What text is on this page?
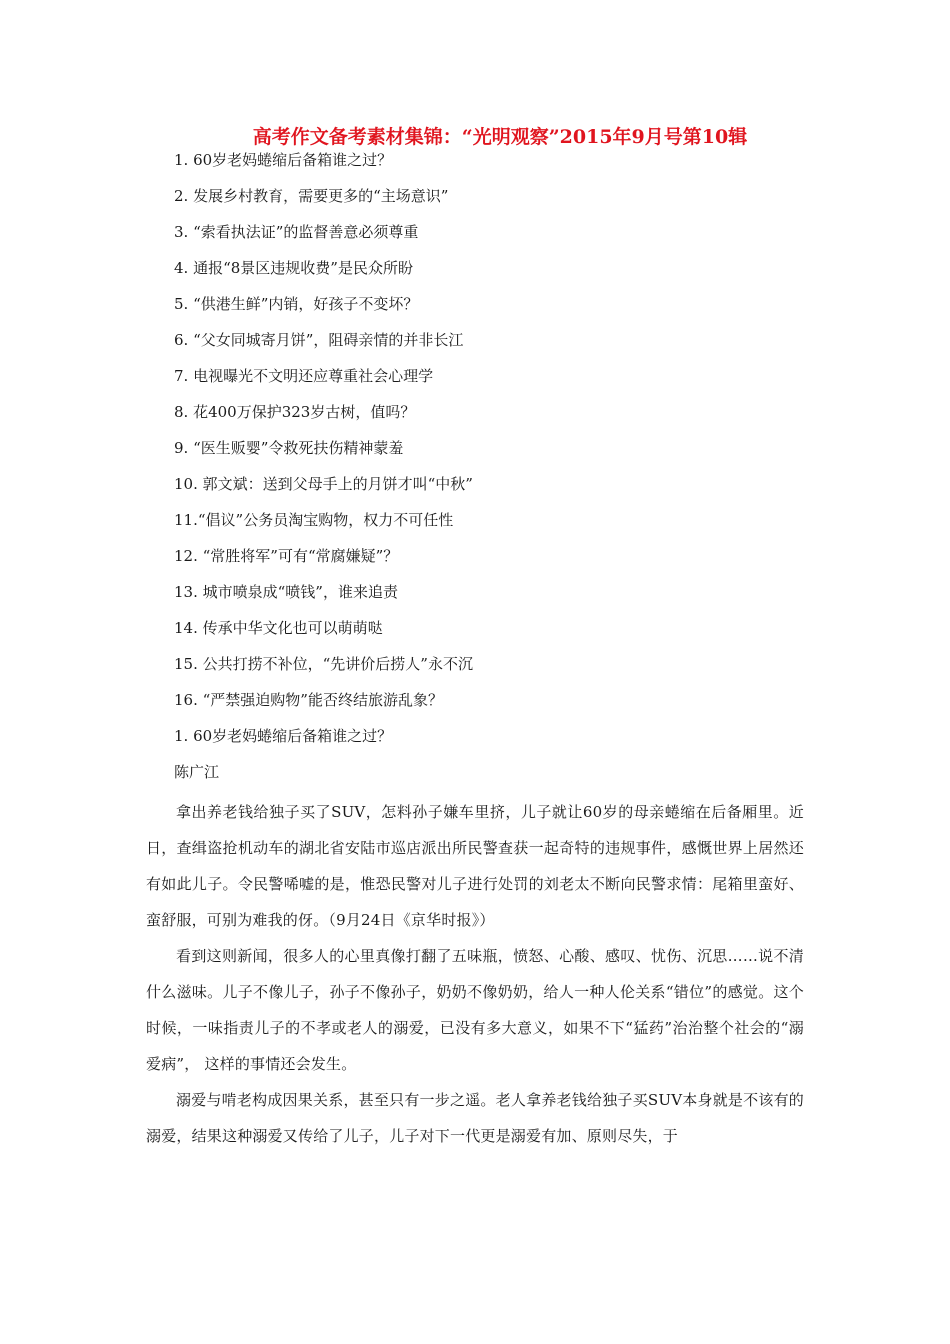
高考作文备考素材集锦：“光明观察”2015年9月号第10辑
1. 60岁老妈蜷缩后备箱谁之过？
2. 发展乡村教育，需要更多的“主场意识”
3. “索看执法证”的监督善意必须尊重
4. 通报“8景区违规收费”是民众所盼
5. “供港生鲜”内销，好孩子不变坏？
6. “父女同城寄月饼”，阻碍亲情的并非长江
7. 电视曝光不文明还应尊重社会心理学
8. 花400万保护323岁古树，值吗？
9. “医生贩婴”令救死扶伤精神蒙羞
10. 郭文斌：送到父母手上的月饼才叫“中秋”
11.“倡议”公务员淘宝购物，权力不可任性
12. “常胜将军”可有“常腐嫌疑”？
13. 城市喷泉成“喷钱”，谁来追责
14. 传承中华文化也可以萌萌哒
15. 公共打捞不补位，“先讲价后捞人”永不沉
16. “严禁强迫购物”能否终结旅游乱象？
1. 60岁老妈蜷缩后备箱谁之过？
陈广江

拿出养老钱给独子买了SUV，怎料孙子嫌车里挤，儿子就让60岁的母亲蜷缩在后备厢里。近日，查缉盗抢机动车的湖北省安陆市巡店派出所民警查获一起奇特的违规事件，感慨世界上居然还有如此儿子。令民警唏嘘的是，惟恐民警对儿子进行处罚的刘老太不断向民警求情：尾箱里蛮好、蛮舒服，可别为难我的伢。（9月24日《京华时报》）

看到这则新闻，很多人的心里真像打翻了五味瓶，愤怒、心酸、感叹、忧伤、沉思……说不清什么滋味。儿子不像儿子，孙子不像孙子，奶奶不像奶奶，给人一种人伦关系“错位”的感觉。这个时候，一味指责儿子的不孝或老人的溺爱，已没有多大意义，如果不下“猛药”治治整个社会的“溺爱病”， 这样的事情还会发生。

溺爱与啃老构成因果关系，甚至只有一步之遥。老人拿养老钱给独子买SUV本身就是不该有的溺爱，结果这种溺爱又传给了儿子，儿子对下一代更是溺爱有加、原则尽失，于
